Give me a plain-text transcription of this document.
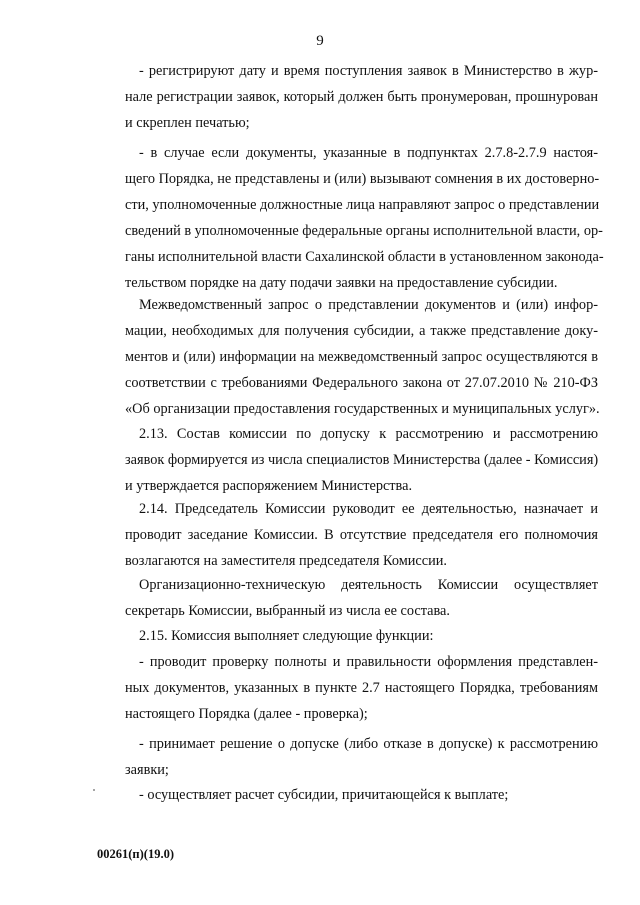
9
- регистрируют дату и время поступления заявок в Министерство в жур-
нале регистрации заявок, который должен быть пронумерован, прошнурован
и скреплен печатью;
- в случае если документы, указанные в подпунктах 2.7.8-2.7.9 настоя-
щего Порядка, не представлены и (или) вызывают сомнения в их достоверно-
сти, уполномоченные должностные лица направляют запрос о представлении
сведений в уполномоченные федеральные органы исполнительной власти, ор-
ганы исполнительной власти Сахалинской области в установленном законода-
тельством порядке на дату подачи заявки на предоставление субсидии.
Межведомственный запрос о представлении документов и (или) инфор-
мации, необходимых для получения субсидии, а также представление доку-
ментов и (или) информации на межведомственный запрос осуществляются в
соответствии с требованиями Федерального закона от 27.07.2010 № 210-ФЗ
«Об организации предоставления государственных и муниципальных услуг».
2.13. Состав комиссии по допуску к рассмотрению и рассмотрению
заявок формируется из числа специалистов Министерства (далее - Комиссия)
и утверждается распоряжением Министерства.
2.14. Председатель Комиссии руководит ее деятельностью, назначает и
проводит заседание Комиссии. В отсутствие председателя его полномочия
возлагаются на заместителя председателя Комиссии.
Организационно-техническую деятельность Комиссии осуществляет
секретарь Комиссии, выбранный из числа ее состава.
2.15. Комиссия выполняет следующие функции:
- проводит проверку полноты и правильности оформления представлен-
ных документов, указанных в пункте 2.7 настоящего Порядка, требованиям
настоящего Порядка (далее - проверка);
- принимает решение о допуске (либо отказе в допуске) к рассмотрению
заявки;
- осуществляет расчет субсидии, причитающейся к выплате;
00261(п)(19.0)
